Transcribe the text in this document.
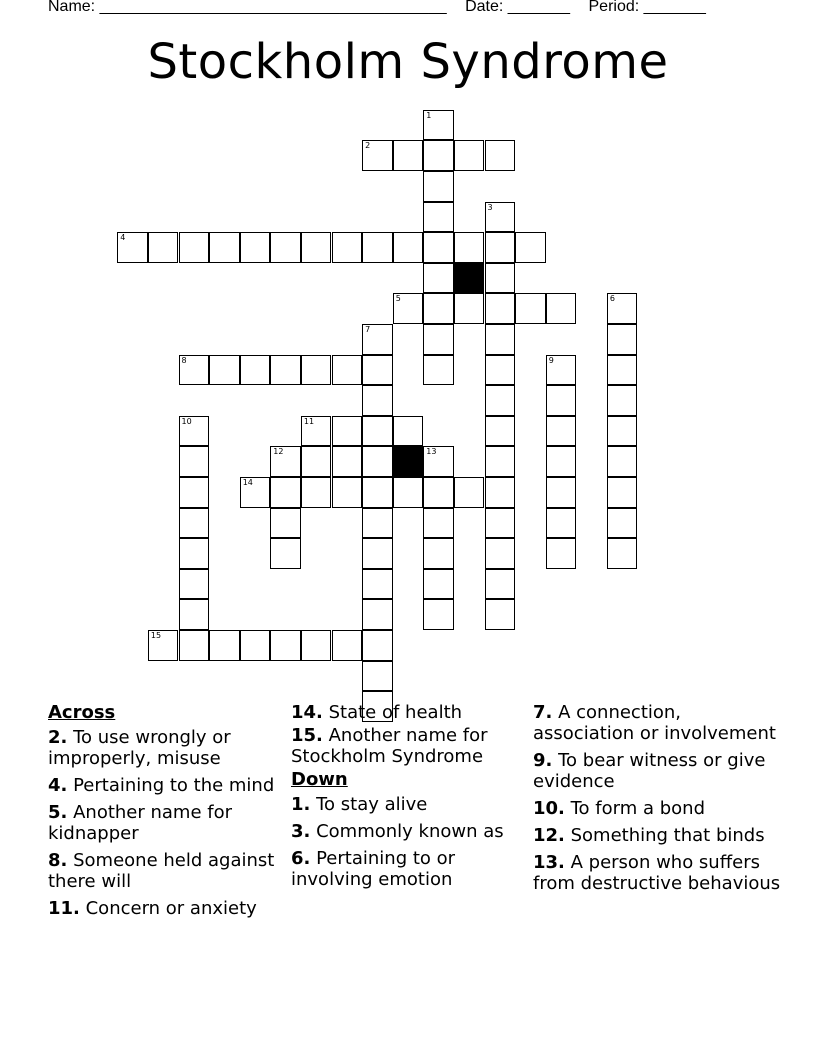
Name: _______________________________________ Date: _______ Period: _______
Stockholm Syndrome
1
2
3
4
5	6
7
8	9
10	11
12	13
14
15
Across
2. To use wrongly or improperly, misuse
4. Pertaining to the mind
5. Another name for kidnapper
8. Someone held against there will
11. Concern or anxiety
14. State of health
15. Another name for Stockholm Syndrome
Down
1. To stay alive
3. Commonly known as
6. Pertaining to or involving emotion
7. A connection, association or involvement
9. To bear witness or give evidence
10. To form a bond
12. Something that binds
13. A person who suffers from destructive behavious
